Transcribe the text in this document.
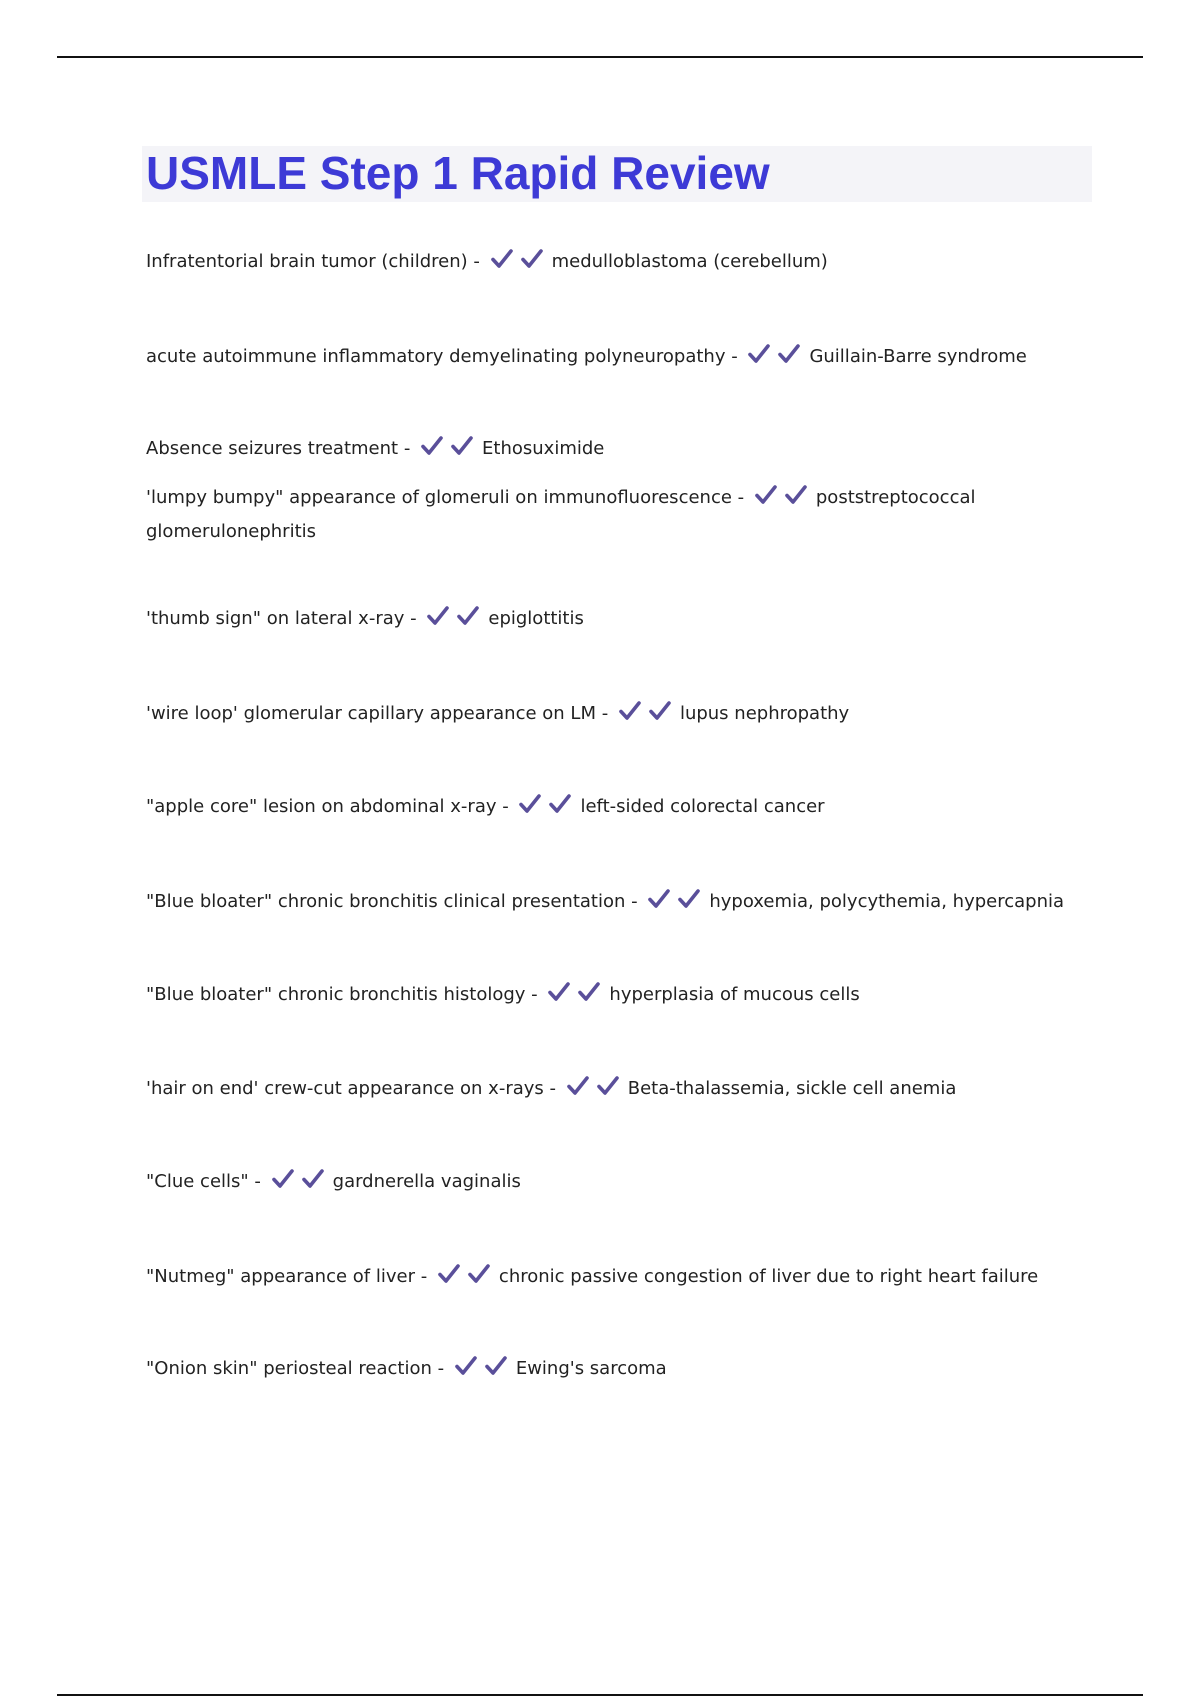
USMLE Step 1 Rapid Review
Infratentorial brain tumor (children) -	medulloblastoma (cerebellum)
acute autoimmune inflammatory demyelinating polyneuropathy -	Guillain-Barre syndrome
Absence seizures treatment -	Ethosuximide
'lumpy bumpy" appearance of glomeruli on immunofluorescence -	poststreptococcal glomerulonephritis
'thumb sign" on lateral x-ray -	epiglottitis
'wire loop' glomerular capillary appearance on LM -	lupus nephropathy
"apple core" lesion on abdominal x-ray -	left-sided colorectal cancer
"Blue bloater" chronic bronchitis clinical presentation -	hypoxemia, polycythemia, hypercapnia
"Blue bloater" chronic bronchitis histology -	hyperplasia of mucous cells
'hair on end' crew-cut appearance on x-rays -	Beta-thalassemia, sickle cell anemia
"Clue cells" -	gardnerella vaginalis
"Nutmeg" appearance of liver -	chronic passive congestion of liver due to right heart failure
"Onion skin" periosteal reaction -	Ewing's sarcoma
